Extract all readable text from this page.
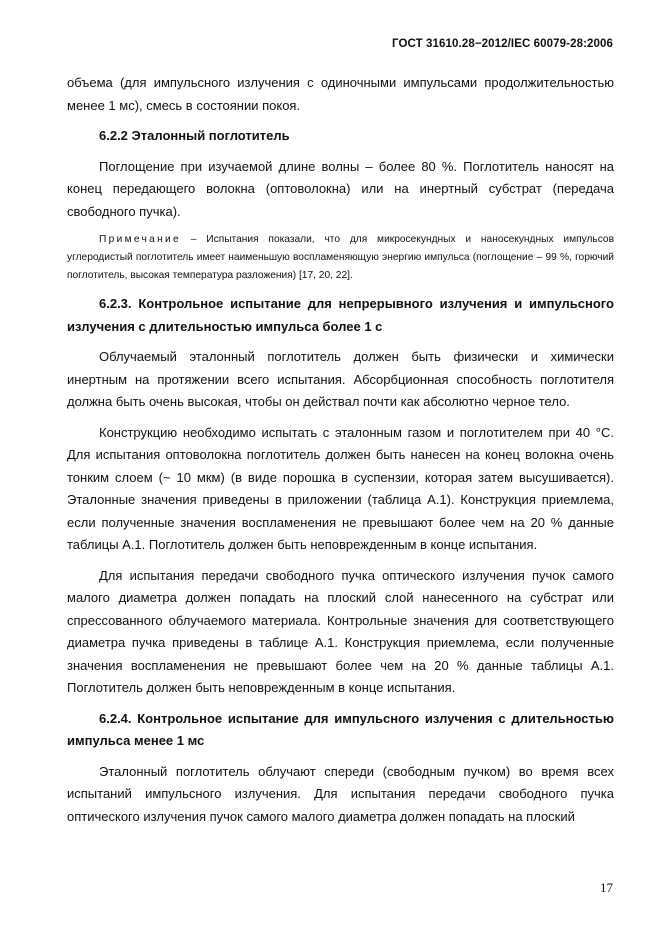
ГОСТ 31610.28−2012/IEC 60079-28:2006

объема (для импульсного излучения с одиночными импульсами продолжительностью менее 1 мс), смесь в состоянии покоя.

6.2.2 Эталонный поглотитель

Поглощение при изучаемой длине волны – более 80 %. Поглотитель наносят на конец передающего волокна (оптоволокна) или на инертный субстрат (передача свободного пучка).

Примечание – Испытания показали, что для микросекундных и наносекундных импульсов углеродистый поглотитель имеет наименьшую воспламеняющую энергию импульса (поглощение – 99 %, горючий поглотитель, высокая температура разложения) [17, 20, 22].

6.2.3. Контрольное испытание для непрерывного излучения и импульсного излучения с длительностью импульса более 1 с

Облучаемый эталонный поглотитель должен быть физически и химически инертным на протяжении всего испытания. Абсорбционная способность поглотителя должна быть очень высокая, чтобы он действал почти как абсолютно черное тело.

Конструкцию необходимо испытать с эталонным газом и поглотителем при 40 °С. Для испытания оптоволокна поглотитель должен быть нанесен на конец волокна очень тонким слоем (~ 10 мкм) (в виде порошка в суспензии, которая затем высушивается). Эталонные значения приведены в приложении (таблица А.1). Конструкция приемлема, если полученные значения воспламенения не превышают более чем на 20 % данные таблицы А.1. Поглотитель должен быть неповрежденным в конце испытания.

Для испытания передачи свободного пучка оптического излучения пучок самого малого диаметра должен попадать на плоский слой нанесенного на субстрат или спрессованного облучаемого материала. Контрольные значения для соответствующего диаметра пучка приведены в таблице А.1. Конструкция приемлема, если полученные значения воспламенения не превышают более чем на 20 % данные таблицы А.1. Поглотитель должен быть неповрежденным в конце испытания.

6.2.4. Контрольное испытание для импульсного излучения с длительностью импульса менее 1 мс

Эталонный поглотитель облучают спереди (свободным пучком) во время всех испытаний импульсного излучения. Для испытания передачи свободного пучка оптического излучения пучок самого малого диаметра должен попадать на плоский

17
